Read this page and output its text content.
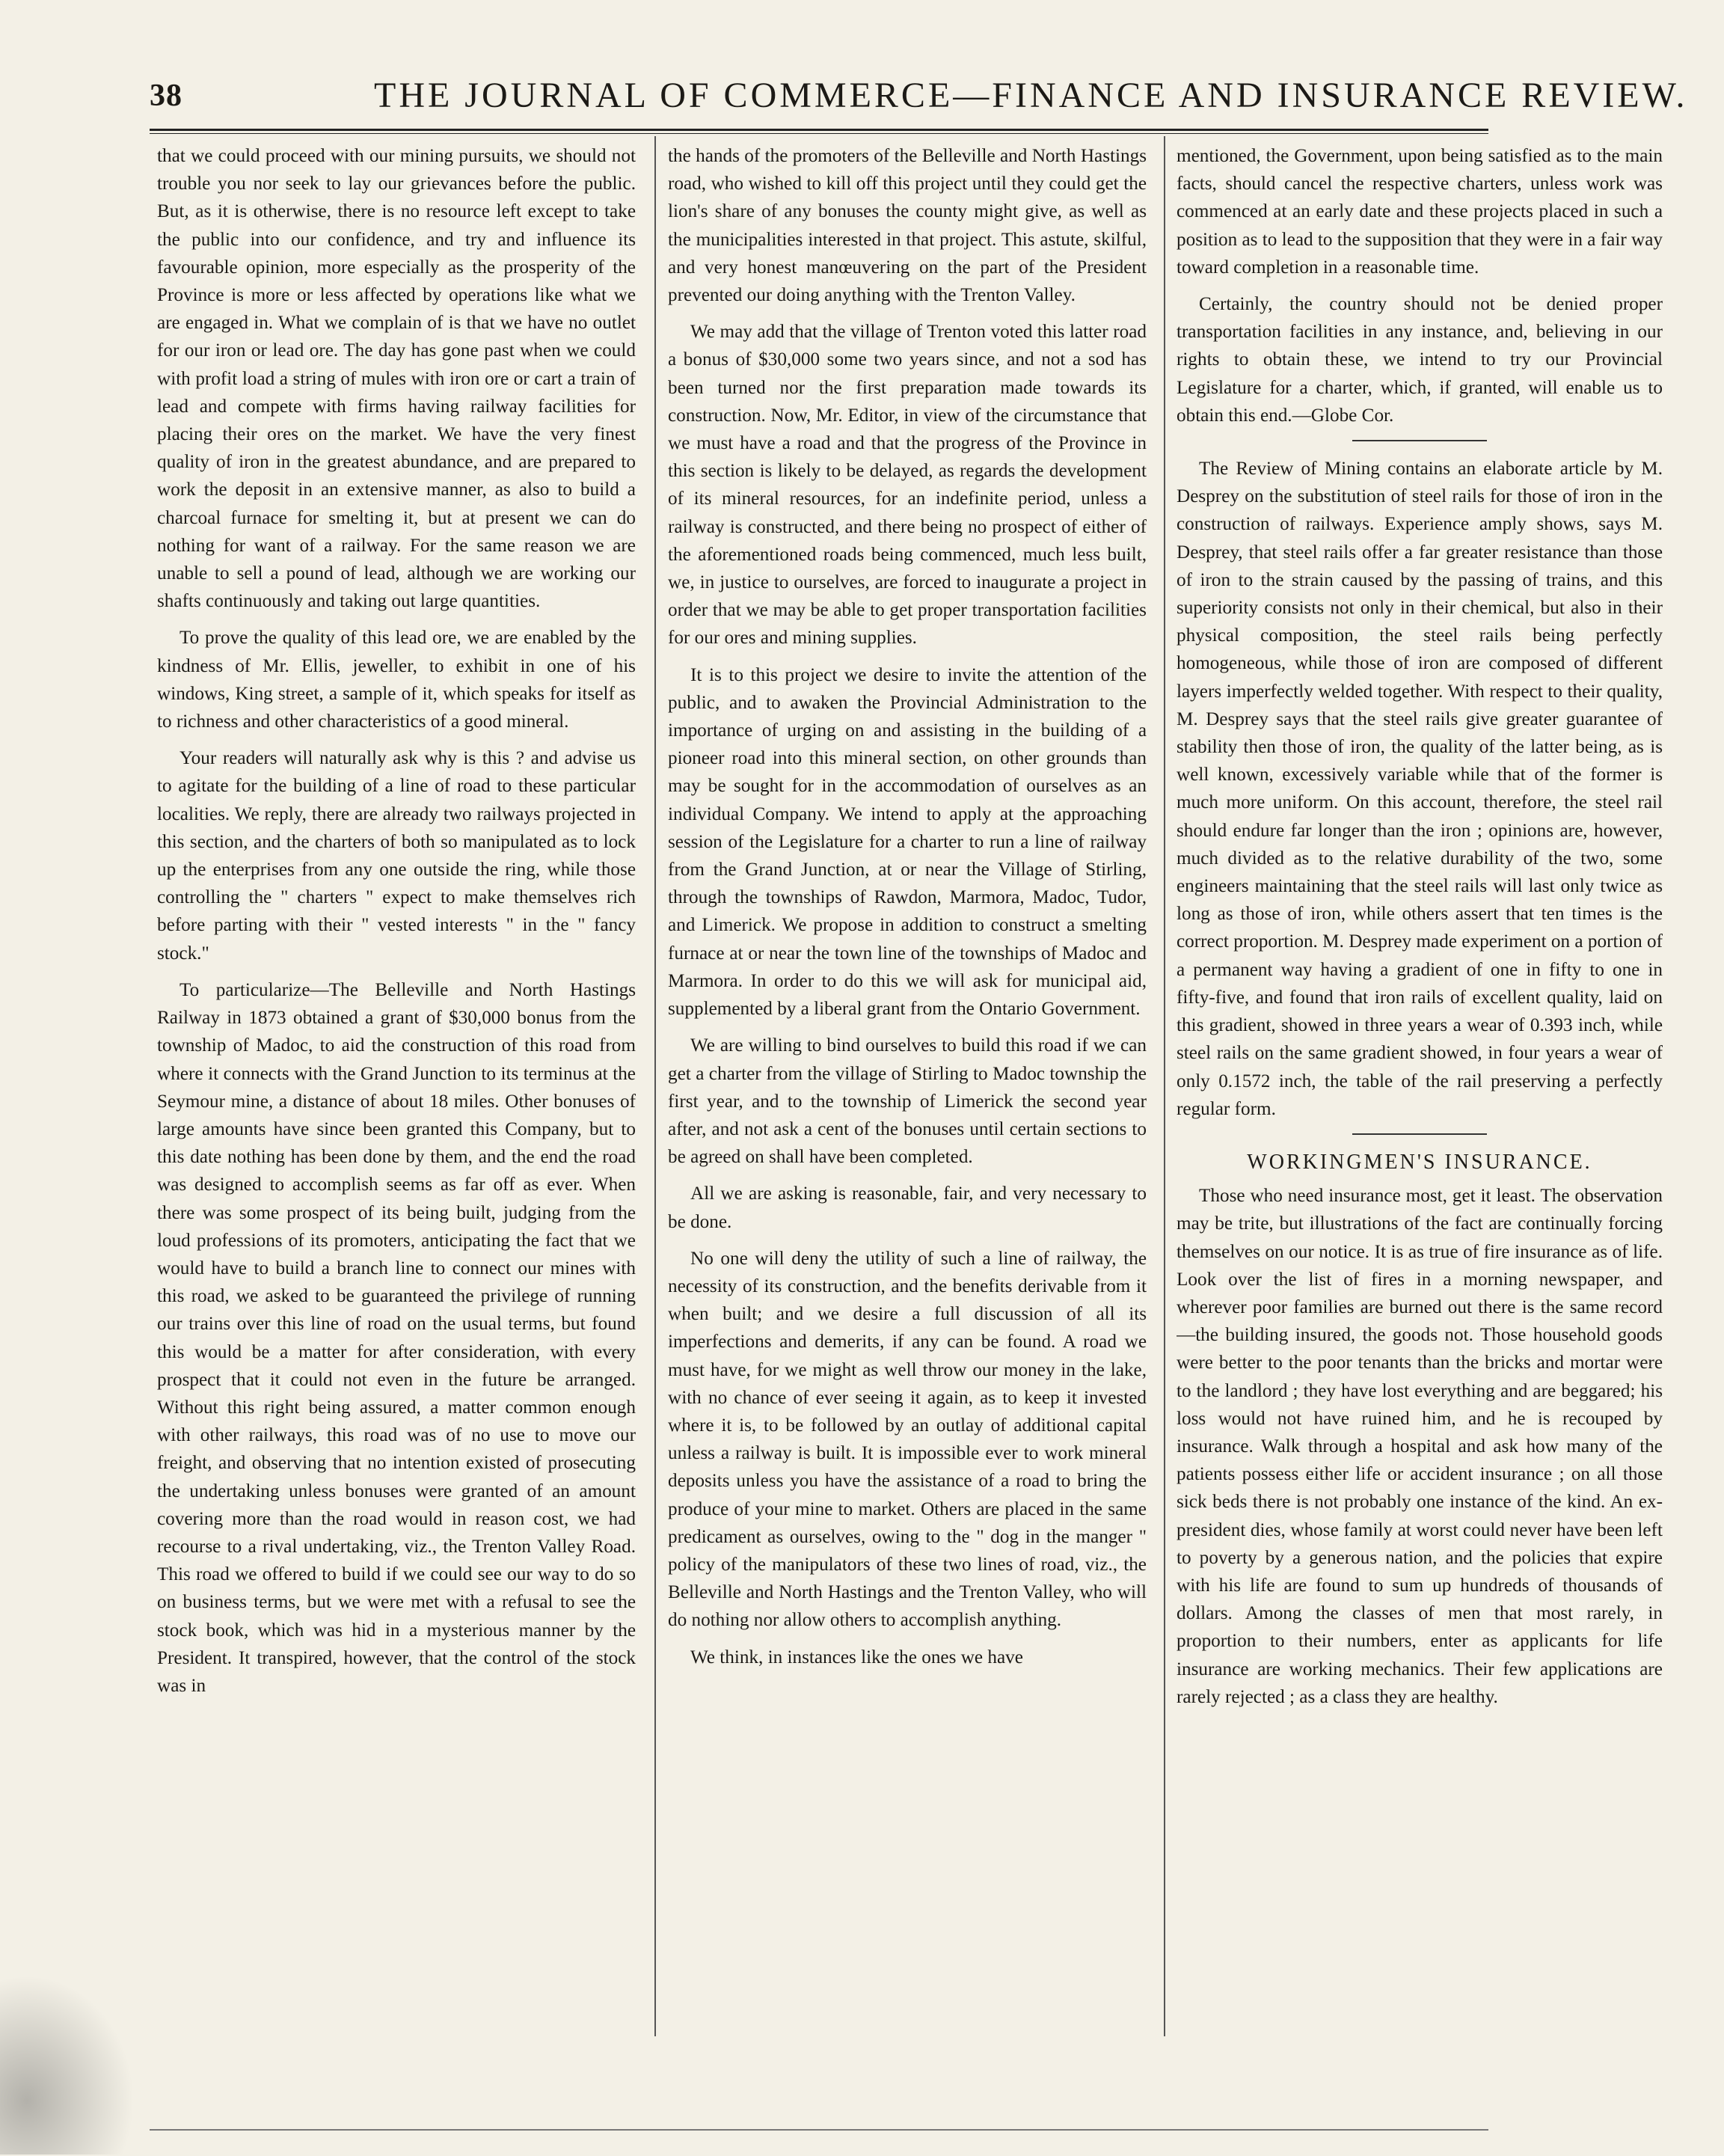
38	THE JOURNAL OF COMMERCE—FINANCE AND INSURANCE REVIEW.

that we could proceed with our mining pursuits, we should not trouble you nor seek to lay our grievances before the public. But, as it is otherwise, there is no resource left except to take the public into our confidence, and try and influence its favourable opinion, more especially as the prosperity of the Province is more or less affected by operations like what we are engaged in. What we complain of is that we have no outlet for our iron or lead ore. The day has gone past when we could with profit load a string of mules with iron ore or cart a train of lead and compete with firms having railway facilities for placing their ores on the market. We have the very finest quality of iron in the greatest abundance, and are prepared to work the deposit in an extensive manner, as also to build a charcoal furnace for smelting it, but at present we can do nothing for want of a railway. For the same reason we are unable to sell a pound of lead, although we are working our shafts continuously and taking out large quantities.

To prove the quality of this lead ore, we are enabled by the kindness of Mr. Ellis, jeweller, to exhibit in one of his windows, King street, a sample of it, which speaks for itself as to richness and other characteristics of a good mineral.

Your readers will naturally ask why is this ? and advise us to agitate for the building of a line of road to these particular localities. We reply, there are already two railways projected in this section, and the charters of both so manipulated as to lock up the enterprises from any one outside the ring, while those controlling the " charters " expect to make themselves rich before parting with their " vested interests " in the " fancy stock."

To particularize—The Belleville and North Hastings Railway in 1873 obtained a grant of $30,000 bonus from the township of Madoc, to aid the construction of this road from where it connects with the Grand Junction to its terminus at the Seymour mine, a distance of about 18 miles. Other bonuses of large amounts have since been granted this Company, but to this date nothing has been done by them, and the end the road was designed to accomplish seems as far off as ever. When there was some prospect of its being built, judging from the loud professions of its promoters, anticipating the fact that we would have to build a branch line to connect our mines with this road, we asked to be guaranteed the privilege of running our trains over this line of road on the usual terms, but found this would be a matter for after consideration, with every prospect that it could not even in the future be arranged. Without this right being assured, a matter common enough with other railways, this road was of no use to move our freight, and observing that no intention existed of prosecuting the undertaking unless bonuses were granted of an amount covering more than the road would in reason cost, we had recourse to a rival undertaking, viz., the Trenton Valley Road. This road we offered to build if we could see our way to do so on business terms, but we were met with a refusal to see the stock book, which was hid in a mysterious manner by the President. It transpired, however, that the control of the stock was in

the hands of the promoters of the Belleville and North Hastings road, who wished to kill off this project until they could get the lion's share of any bonuses the county might give, as well as the municipalities interested in that project. This astute, skilful, and very honest manœuvering on the part of the President prevented our doing anything with the Trenton Valley.

We may add that the village of Trenton voted this latter road a bonus of $30,000 some two years since, and not a sod has been turned nor the first preparation made towards its construction. Now, Mr. Editor, in view of the circumstance that we must have a road and that the progress of the Province in this section is likely to be delayed, as regards the development of its mineral resources, for an indefinite period, unless a railway is constructed, and there being no prospect of either of the aforementioned roads being commenced, much less built, we, in justice to ourselves, are forced to inaugurate a project in order that we may be able to get proper transportation facilities for our ores and mining supplies.

It is to this project we desire to invite the attention of the public, and to awaken the Provincial Administration to the importance of urging on and assisting in the building of a pioneer road into this mineral section, on other grounds than may be sought for in the accommodation of ourselves as an individual Company. We intend to apply at the approaching session of the Legislature for a charter to run a line of railway from the Grand Junction, at or near the Village of Stirling, through the townships of Rawdon, Marmora, Madoc, Tudor, and Limerick. We propose in addition to construct a smelting furnace at or near the town line of the townships of Madoc and Marmora. In order to do this we will ask for municipal aid, supplemented by a liberal grant from the Ontario Government.

We are willing to bind ourselves to build this road if we can get a charter from the village of Stirling to Madoc township the first year, and to the township of Limerick the second year after, and not ask a cent of the bonuses until certain sections to be agreed on shall have been completed.

All we are asking is reasonable, fair, and very necessary to be done.

No one will deny the utility of such a line of railway, the necessity of its construction, and the benefits derivable from it when built; and we desire a full discussion of all its imperfections and demerits, if any can be found. A road we must have, for we might as well throw our money in the lake, with no chance of ever seeing it again, as to keep it invested where it is, to be followed by an outlay of additional capital unless a railway is built. It is impossible ever to work mineral deposits unless you have the assistance of a road to bring the produce of your mine to market. Others are placed in the same predicament as ourselves, owing to the " dog in the manger " policy of the manipulators of these two lines of road, viz., the Belleville and North Hastings and the Trenton Valley, who will do nothing nor allow others to accomplish anything.

We think, in instances like the ones we have

mentioned, the Government, upon being satisfied as to the main facts, should cancel the respective charters, unless work was commenced at an early date and these projects placed in such a position as to lead to the supposition that they were in a fair way toward completion in a reasonable time.

Certainly, the country should not be denied proper transportation facilities in any instance, and, believing in our rights to obtain these, we intend to try our Provincial Legislature for a charter, which, if granted, will enable us to obtain this end.—Globe Cor.

The Review of Mining contains an elaborate article by M. Desprey on the substitution of steel rails for those of iron in the construction of railways. Experience amply shows, says M. Desprey, that steel rails offer a far greater resistance than those of iron to the strain caused by the passing of trains, and this superiority consists not only in their chemical, but also in their physical composition, the steel rails being perfectly homogeneous, while those of iron are composed of different layers imperfectly welded together. With respect to their quality, M. Desprey says that the steel rails give greater guarantee of stability then those of iron, the quality of the latter being, as is well known, excessively variable while that of the former is much more uniform. On this account, therefore, the steel rail should endure far longer than the iron ; opinions are, however, much divided as to the relative durability of the two, some engineers maintaining that the steel rails will last only twice as long as those of iron, while others assert that ten times is the correct proportion. M. Desprey made experiment on a portion of a permanent way having a gradient of one in fifty to one in fifty-five, and found that iron rails of excellent quality, laid on this gradient, showed in three years a wear of 0.393 inch, while steel rails on the same gradient showed, in four years a wear of only 0.1572 inch, the table of the rail preserving a perfectly regular form.

WORKINGMEN'S INSURANCE.

Those who need insurance most, get it least. The observation may be trite, but illustrations of the fact are continually forcing themselves on our notice. It is as true of fire insurance as of life. Look over the list of fires in a morning newspaper, and wherever poor families are burned out there is the same record—the building insured, the goods not. Those household goods were better to the poor tenants than the bricks and mortar were to the landlord ; they have lost everything and are beggared; his loss would not have ruined him, and he is recouped by insurance. Walk through a hospital and ask how many of the patients possess either life or accident insurance ; on all those sick beds there is not probably one instance of the kind. An ex-president dies, whose family at worst could never have been left to poverty by a generous nation, and the policies that expire with his life are found to sum up hundreds of thousands of dollars. Among the classes of men that most rarely, in proportion to their numbers, enter as applicants for life insurance are working mechanics. Their few applications are rarely rejected ; as a class they are healthy.
